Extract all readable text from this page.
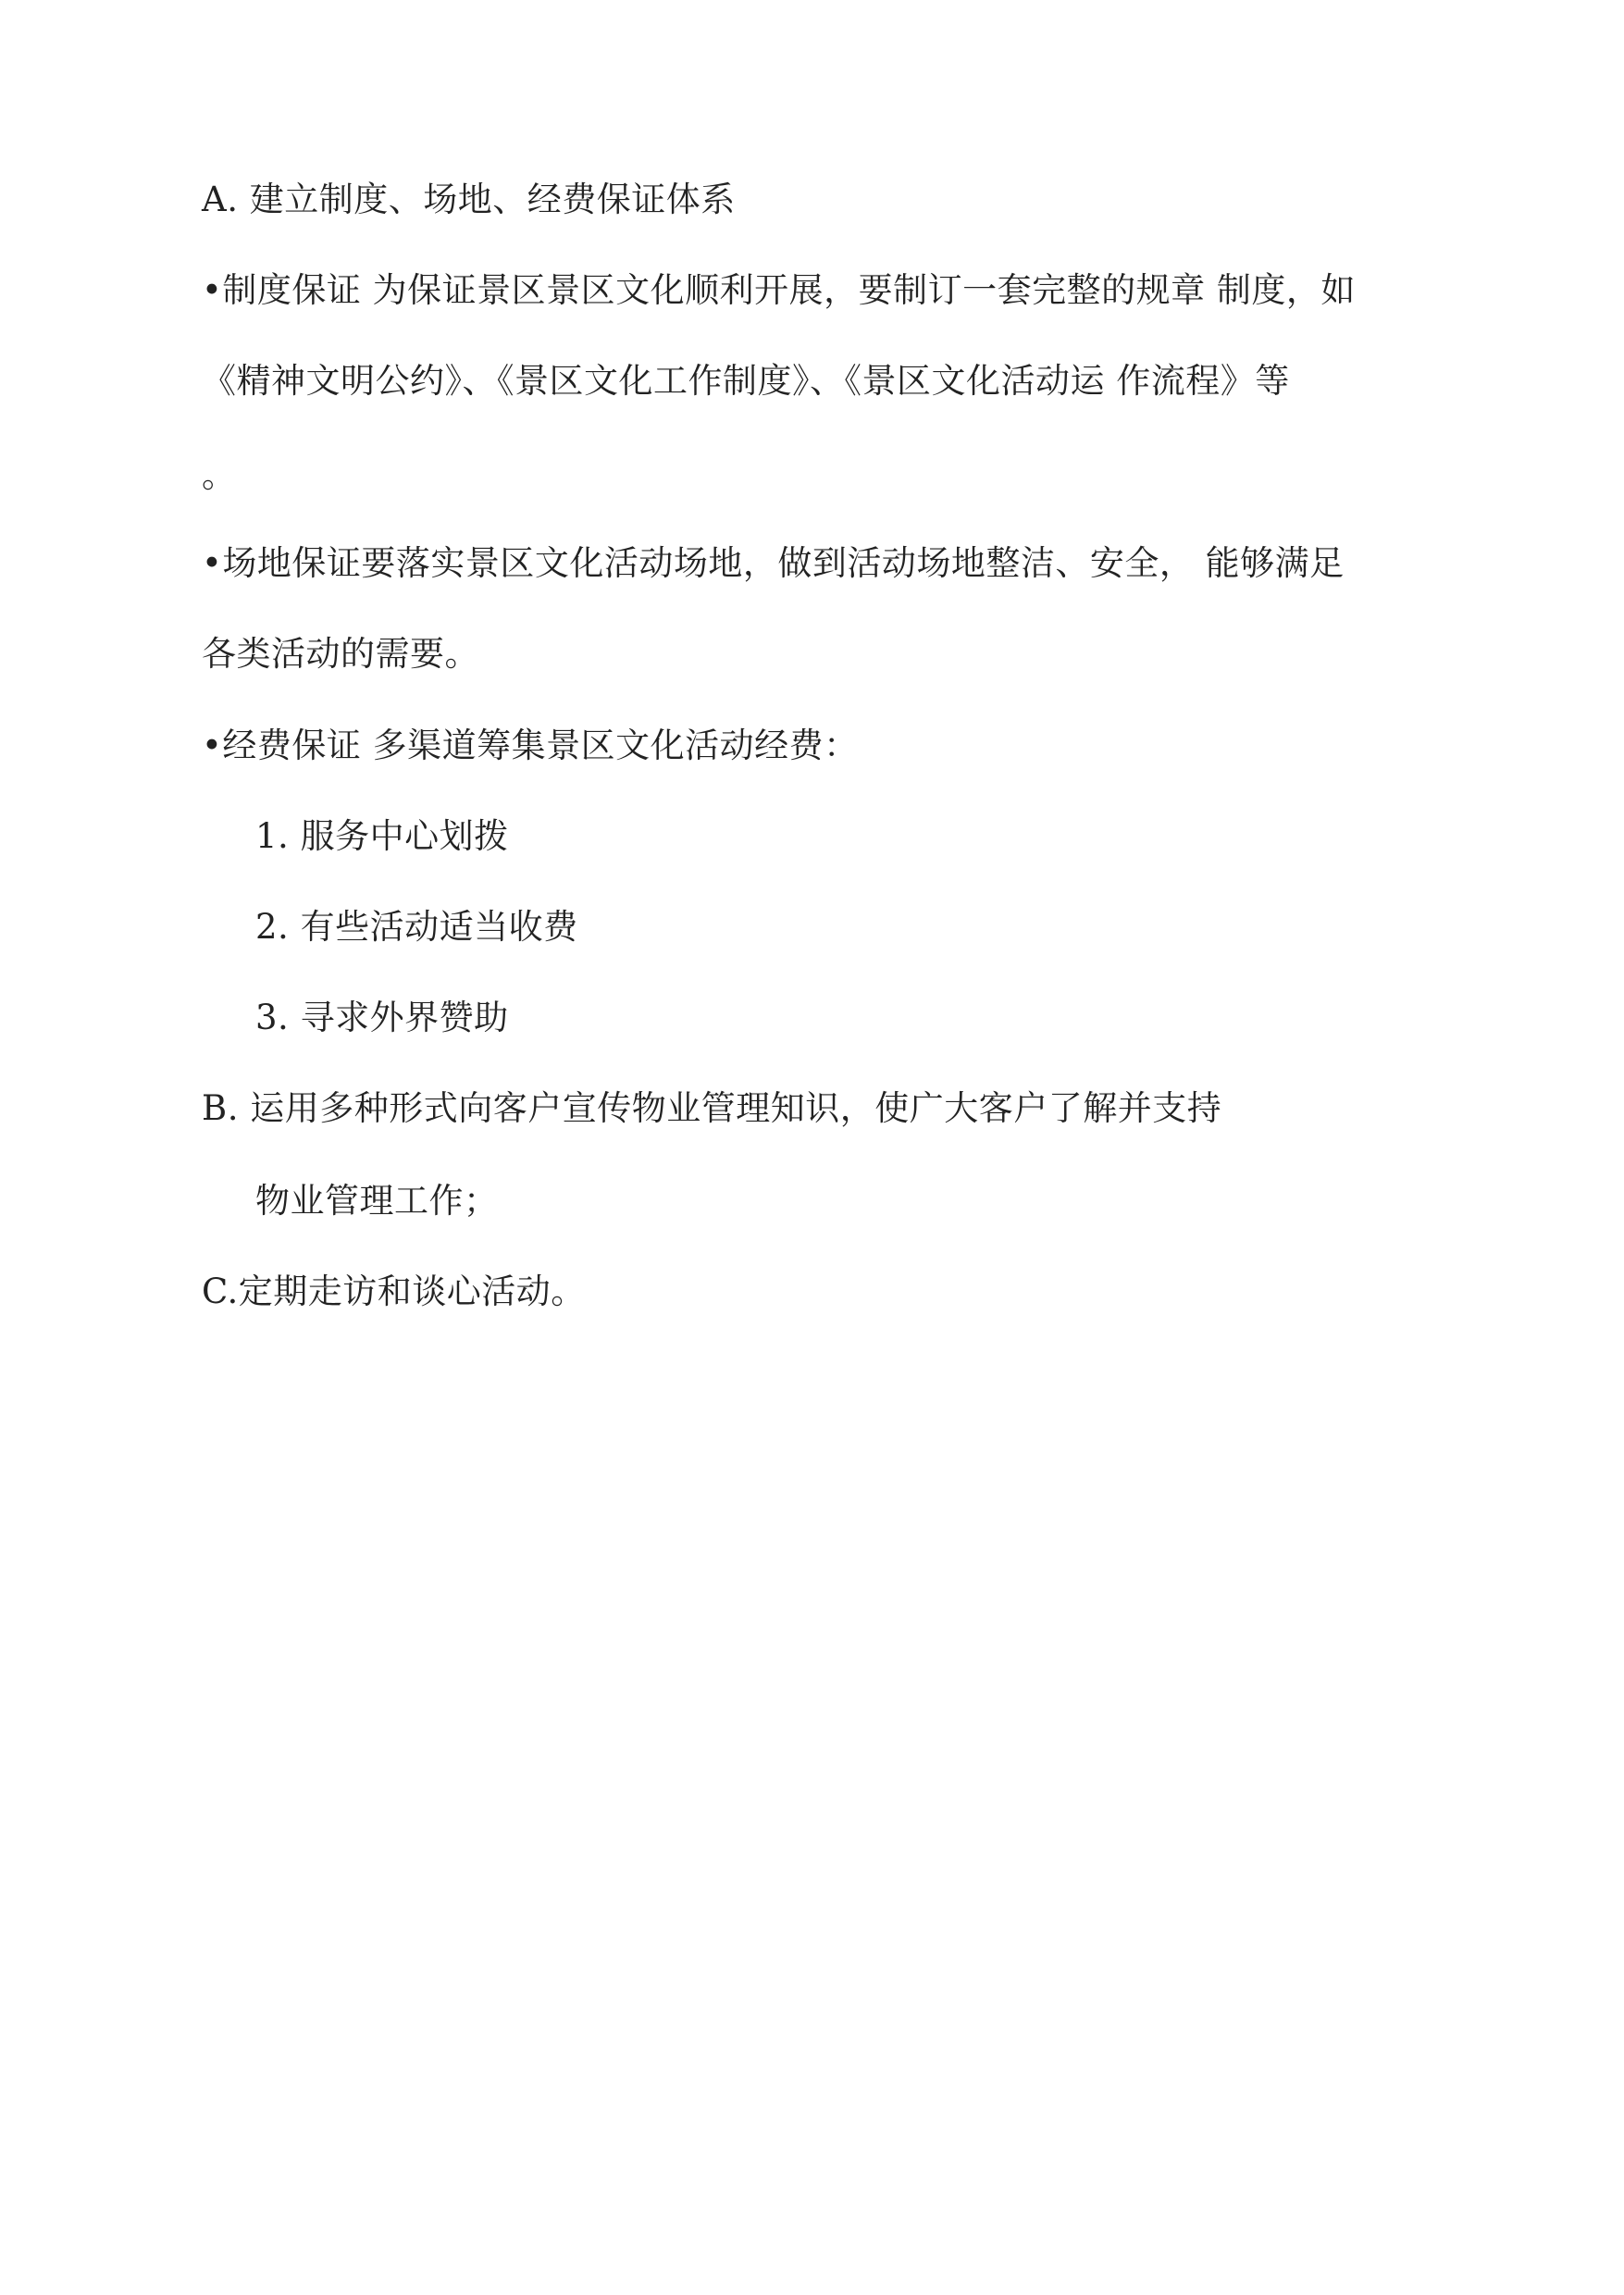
A. 建立制度、场地、经费保证体系
•制度保证 为保证景区景区文化顺利开展，要制订一套完整的规章 制度，如
《精神文明公约》、《景区文化工作制度》、《景区文化活动运 作流程》等
。
•场地保证要落实景区文化活动场地，做到活动场地整洁、安全， 能够满足
各类活动的需要。
•经费保证 多渠道筹集景区文化活动经费：
1. 服务中心划拨
2. 有些活动适当收费
3. 寻求外界赞助
B. 运用多种形式向客户宣传物业管理知识，使广大客户了解并支持
物业管理工作；
C.定期走访和谈心活动。
